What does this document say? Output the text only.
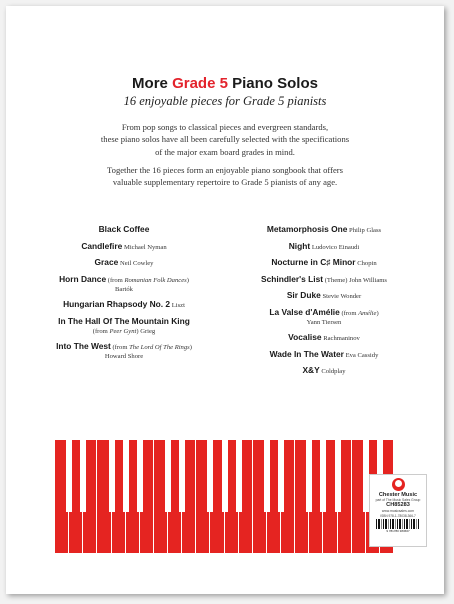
More Grade 5 Piano Solos
16 enjoyable pieces for Grade 5 pianists
From pop songs to classical pieces and evergreen standards,
these piano solos have all been carefully selected with the specifications
of the major exam board grades in mind.
Together the 16 pieces form an enjoyable piano songbook that offers
valuable supplementary repertoire to Grade 5 pianists of any age.
Black Coffee
Candlefire Michael Nyman
Grace Neil Cowley
Horn Dance (from Romanian Folk Dances)
Bartók
Hungarian Rhapsody No. 2 Liszt
In The Hall Of The Mountain King
(from Peer Gynt) Grieg
Into The West (from The Lord Of The Rings)
Howard Shore
Metamorphosis One Philip Glass
Night Ludovico Einaudi
Nocturne in C♯ Minor Chopin
Schindler's List (Theme) John Williams
Sir Duke Stevie Wonder
La Valse d'Amélie (from Amélie)
Yann Tiersen
Vocalise Rachmaninov
Wade In The Water Eva Cassidy
X&Y Coldplay
Chester Music
part of The Music Sales Group
CH85283
www.musicsales.com
ISBN 978-1-78038-366-7
9 781780 383667
